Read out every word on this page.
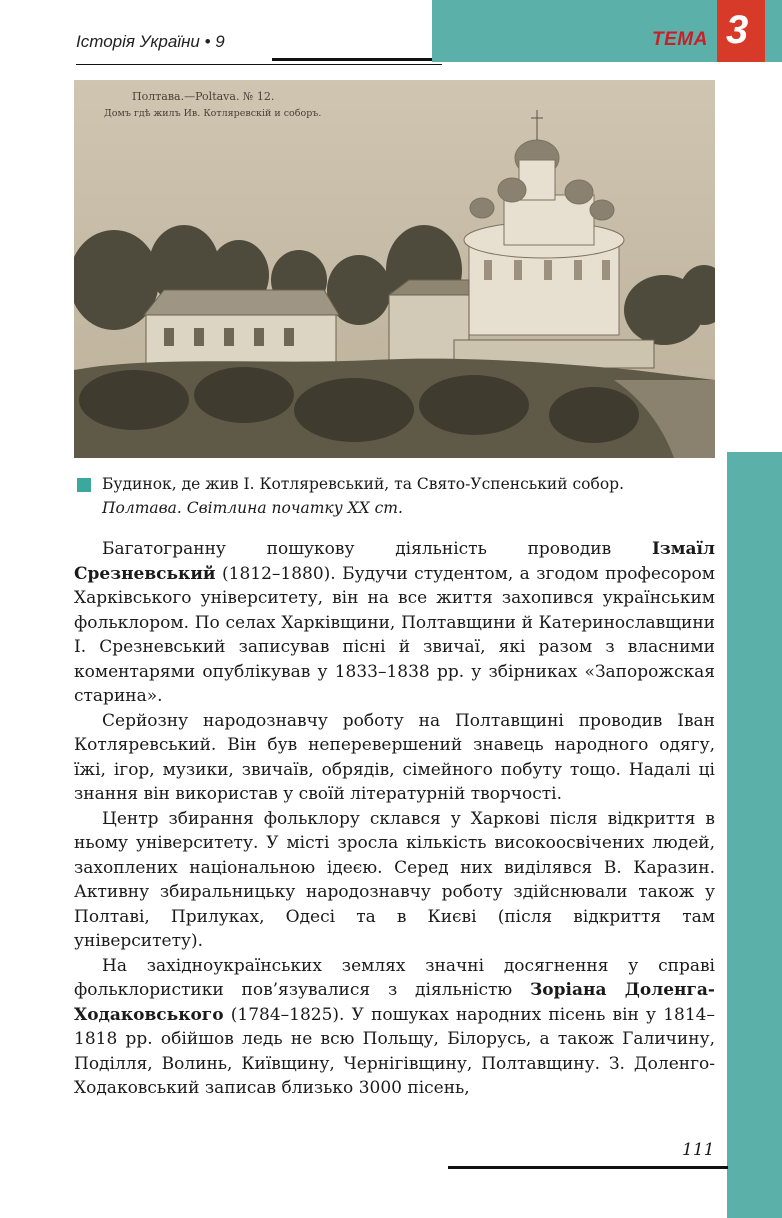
Історія України • 9	ТЕМА 3
Полтава.—Poltava. № 12.
Домъ гдѣ жилъ Ив. Котляревскій и соборъ.
Будинок, де жив І. Котляревський, та Свято-Успенський собор.
Полтава. Світлина початку XX ст.

Багатогранну пошукову діяльність проводив Ізмаїл Срезневський (1812–1880). Будучи студентом, а згодом професором Харківського університету, він на все життя захопився українським фольклором. По селах Харківщини, Полтавщини й Катеринославщини І. Срезневський записував пісні й звичаї, які разом з власними коментарями опублікував у 1833–1838 рр. у збірниках «Запорожская старина».

Серйозну народознавчу роботу на Полтавщині проводив Іван Котляревський. Він був неперевершений знавець народного одягу, їжі, ігор, музики, звичаїв, обрядів, сімейного побуту тощо. Надалі ці знання він використав у своїй літературній творчості.

Центр збирання фольклору склався у Харкові після відкриття в ньому університету. У місті зросла кількість високоосвічених людей, захоплених національною ідеєю. Серед них виділявся В. Каразин. Активну збиральницьку народознавчу роботу здійснювали також у Полтаві, Прилуках, Одесі та в Києві (після відкриття там університету).

На західноукраїнських землях значні досягнення у справі фольклористики пов’язувалися з діяльністю Зоріана Доленга-Ходаковського (1784–1825). У пошуках народних пісень він у 1814–1818 рр. обійшов ледь не всю Польщу, Білорусь, а також Галичину, Поділля, Волинь, Київщину, Чернігівщину, Полтавщину. З. Доленго-Ходаковський записав близько 3000 пісень,

111
